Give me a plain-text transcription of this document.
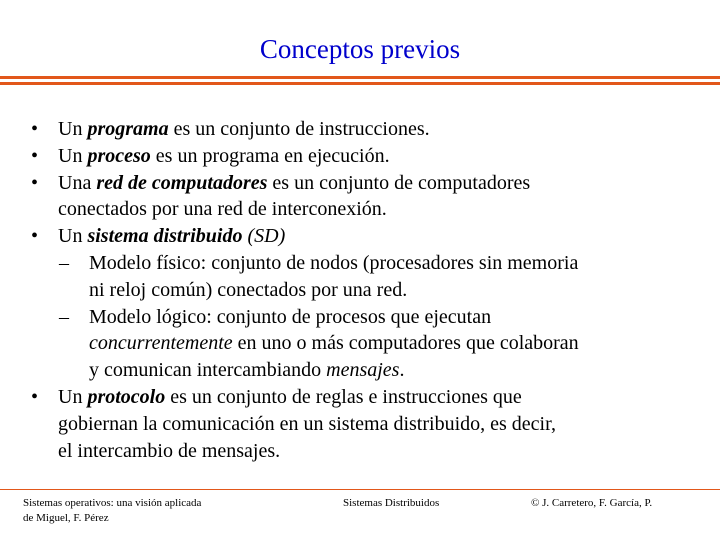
Conceptos previos
• Un programa es un conjunto de instrucciones.
• Un proceso es un programa en ejecución.
• Una red de computadores es un conjunto de computadores
conectados por una red de interconexión.
• Un sistema distribuido (SD)
– Modelo físico: conjunto de nodos (procesadores sin memoria
ni reloj común) conectados por una red.
– Modelo lógico: conjunto de procesos que ejecutan
concurrentemente en uno o más computadores que colaboran
y comunican intercambiando mensajes.
• Un protocolo es un conjunto de reglas e instrucciones que
gobiernan la comunicación en un sistema distribuido, es decir,
el intercambio de mensajes.
Sistemas operativos: una visión aplicada
de Miguel, F. Pérez
Sistemas Distribuidos	© J. Carretero, F. García, P.
